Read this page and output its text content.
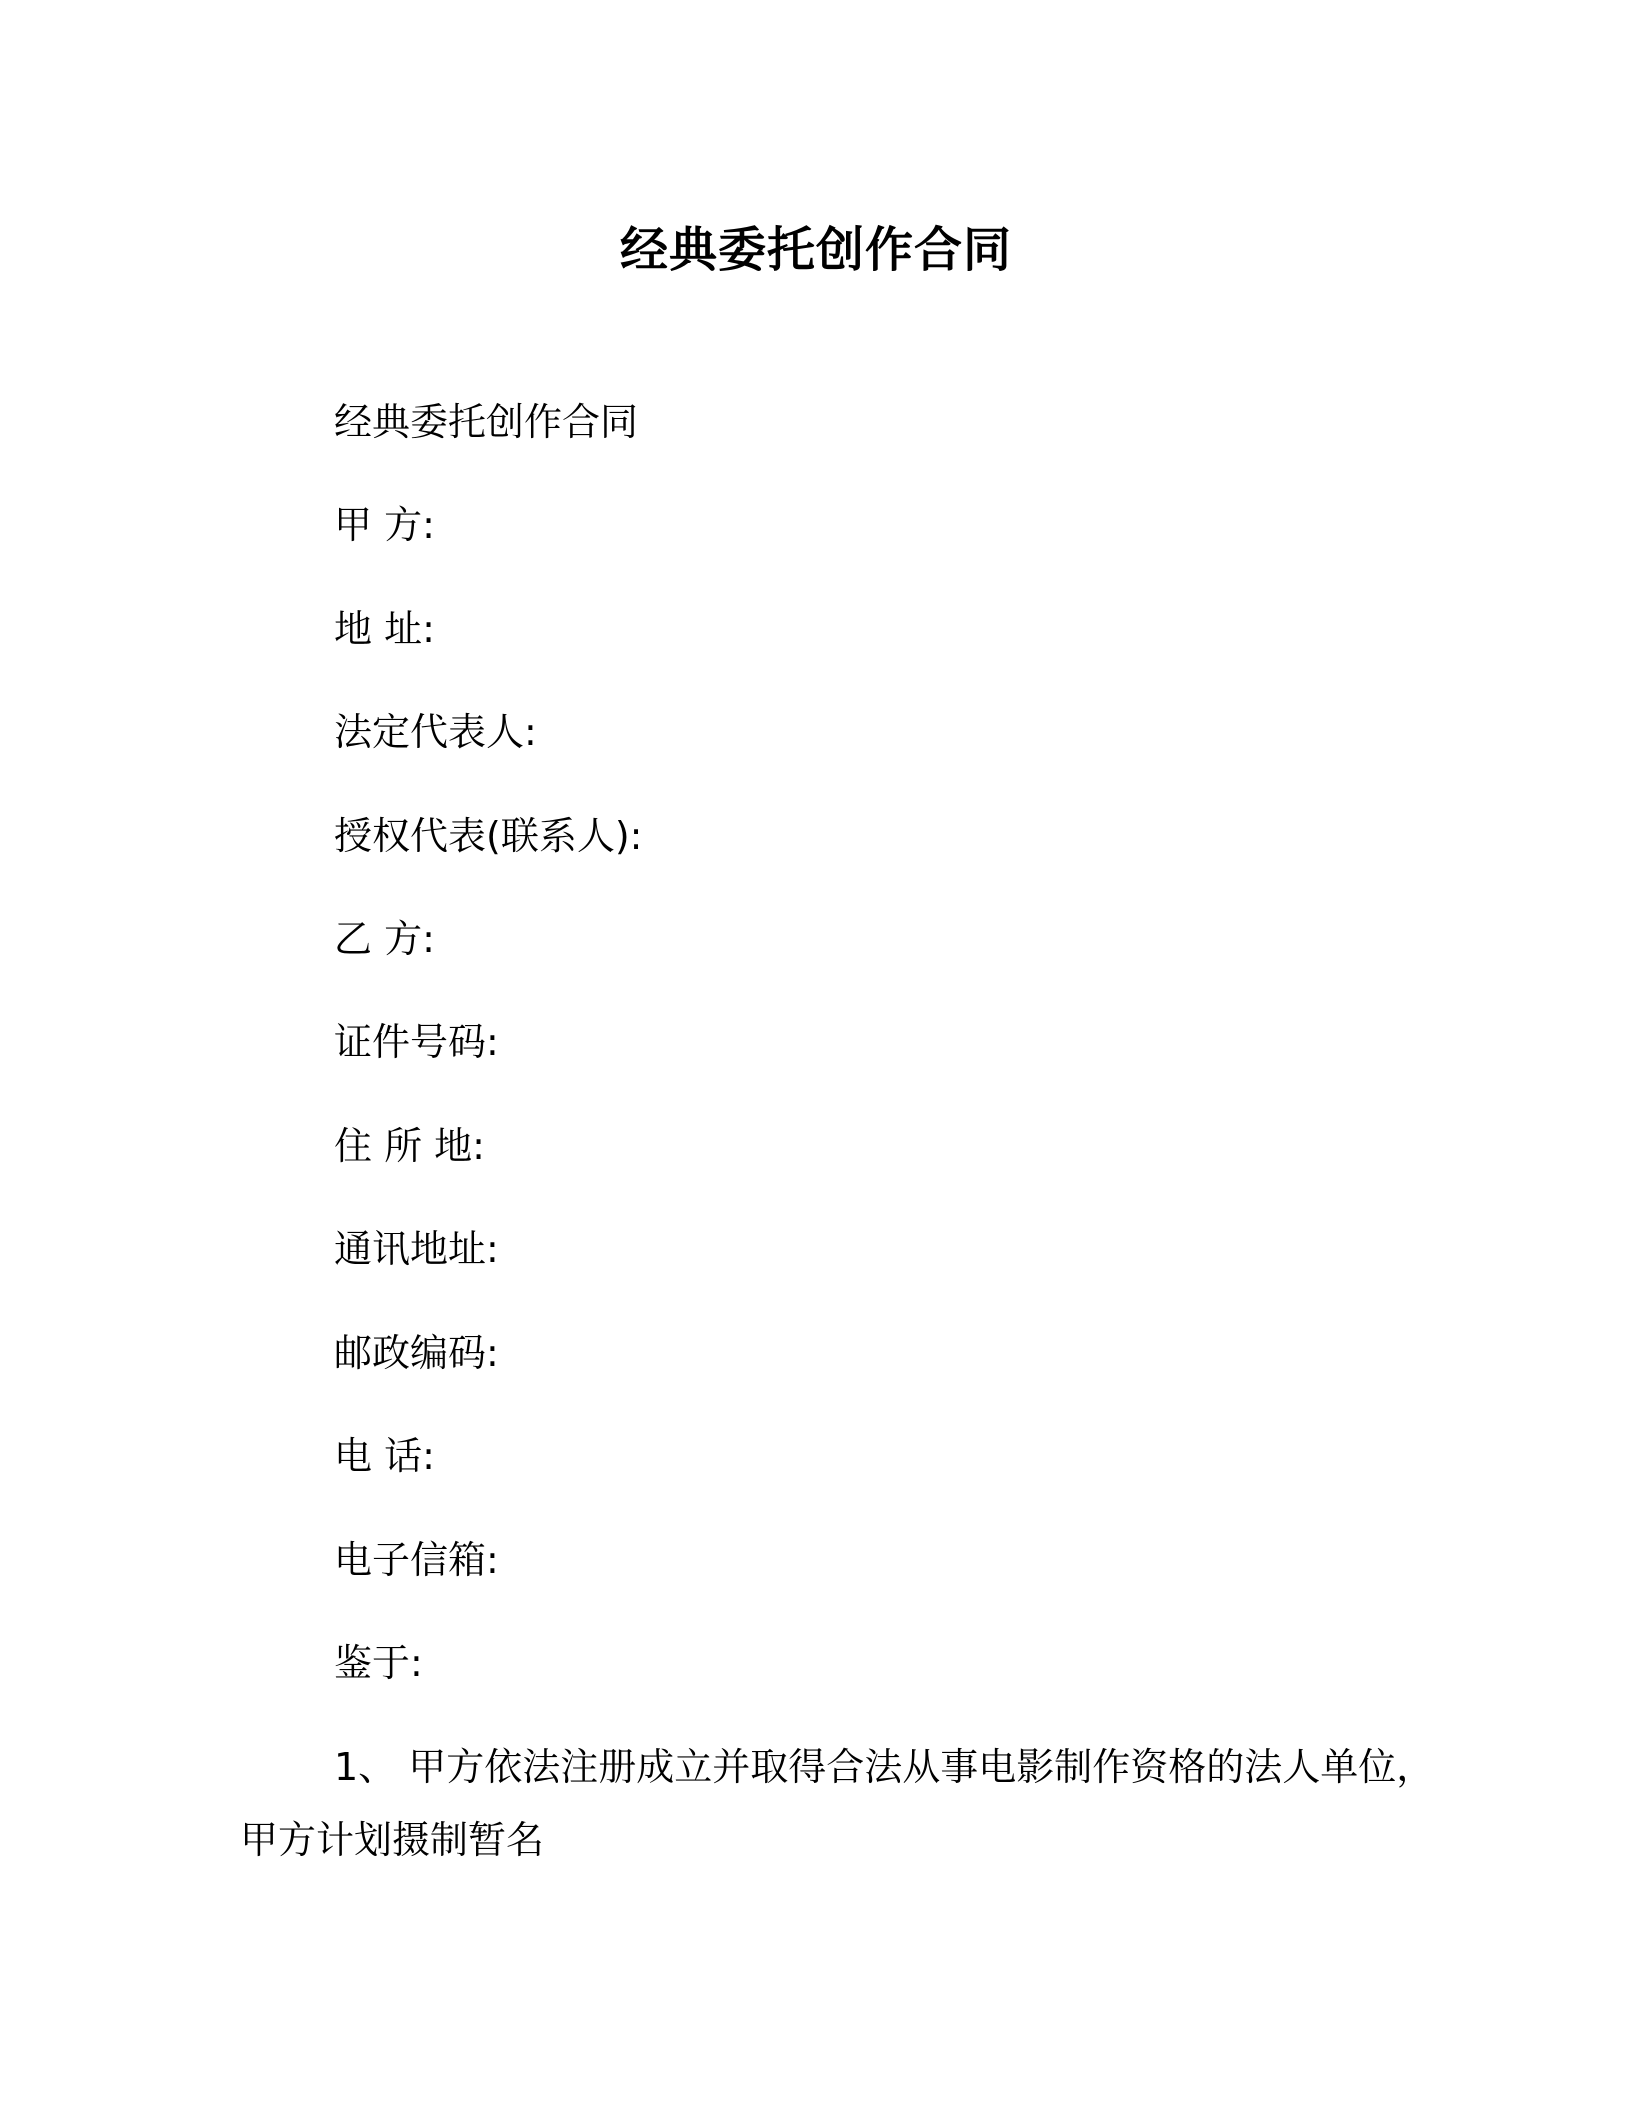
经典委托创作合同
经典委托创作合同
甲 方:
地 址:
法定代表人:
授权代表(联系人):
乙 方:
证件号码:
住 所 地:
通讯地址:
邮政编码:
电 话:
电子信箱:
鉴于:
1、 甲方依法注册成立并取得合法从事电影制作资格的法人单位，
甲方计划摄制暂名
